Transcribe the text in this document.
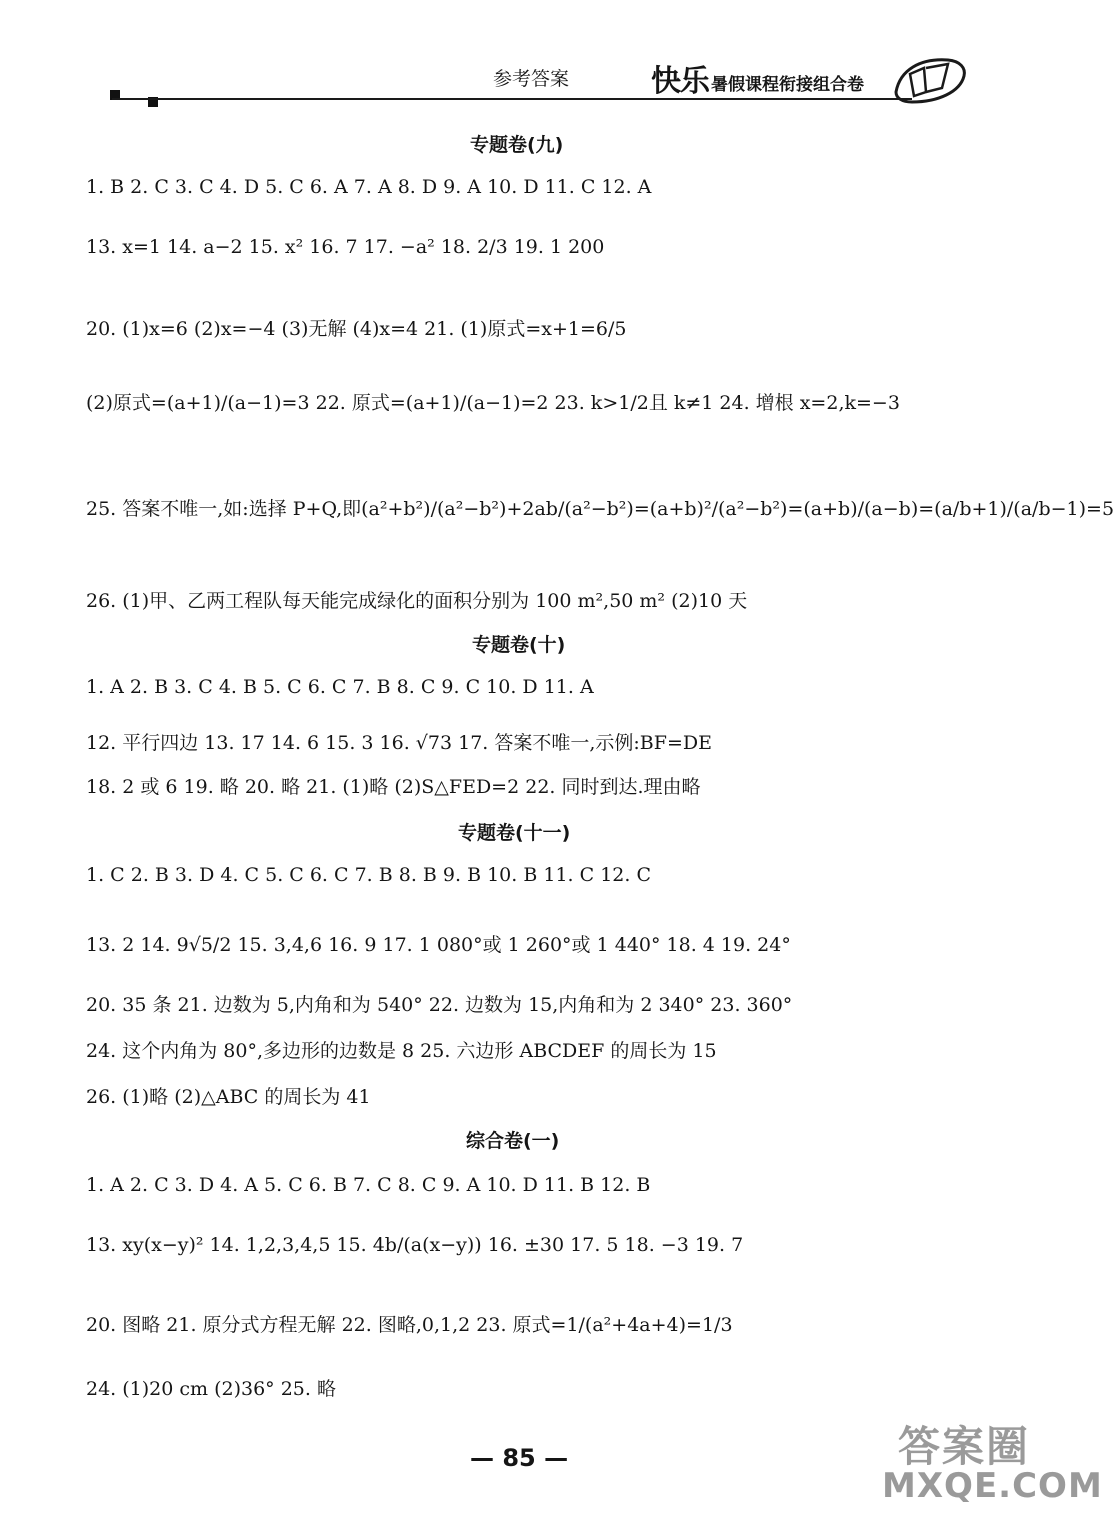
参考答案	快乐 暑假课程衔接组合卷
专题卷(九)
1. B 2. C 3. C 4. D 5. C 6. A 7. A 8. D 9. A 10. D 11. C 12. A
13. x=1 14. a−2 15. x² 16. 7 17. −a² 18. 2/3 19. 1 200
20. (1)x=6 (2)x=−4 (3)无解 (4)x=4 21. (1)原式=x+1=6/5
(2)原式=(a+1)/(a−1)=3 22. 原式=(a+1)/(a−1)=2 23. k>1/2且 k≠1 24. 增根 x=2,k=−3
25. 答案不唯一,如:选择 P+Q,即(a²+b²)/(a²−b²)+2ab/(a²−b²)=(a+b)²/(a²−b²)=(a+b)/(a−b)=(a/b+1)/(a/b−1)=5
26. (1)甲、乙两工程队每天能完成绿化的面积分别为 100 m²,50 m² (2)10 天
专题卷(十)
1. A 2. B 3. C 4. B 5. C 6. C 7. B 8. C 9. C 10. D 11. A
12. 平行四边 13. 17 14. 6 15. 3 16. √73 17. 答案不唯一,示例:BF=DE
18. 2 或 6 19. 略 20. 略 21. (1)略 (2)S△FED=2 22. 同时到达.理由略
专题卷(十一)
1. C 2. B 3. D 4. C 5. C 6. C 7. B 8. B 9. B 10. B 11. C 12. C
13. 2 14. 9√5/2 15. 3,4,6 16. 9 17. 1 080°或 1 260°或 1 440° 18. 4 19. 24°
20. 35 条 21. 边数为 5,内角和为 540° 22. 边数为 15,内角和为 2 340° 23. 360°
24. 这个内角为 80°,多边形的边数是 8 25. 六边形 ABCDEF 的周长为 15
26. (1)略 (2)△ABC 的周长为 41
综合卷(一)
1. A 2. C 3. D 4. A 5. C 6. B 7. C 8. C 9. A 10. D 11. B 12. B
13. xy(x−y)² 14. 1,2,3,4,5 15. 4b/(a(x−y)) 16. ±30 17. 5 18. −3 19. 7
20. 图略 21. 原分式方程无解 22. 图略,0,1,2 23. 原式=1/(a²+4a+4)=1/3
24. (1)20 cm (2)36° 25. 略
— 85 —	答案圈
MXQE.COM
